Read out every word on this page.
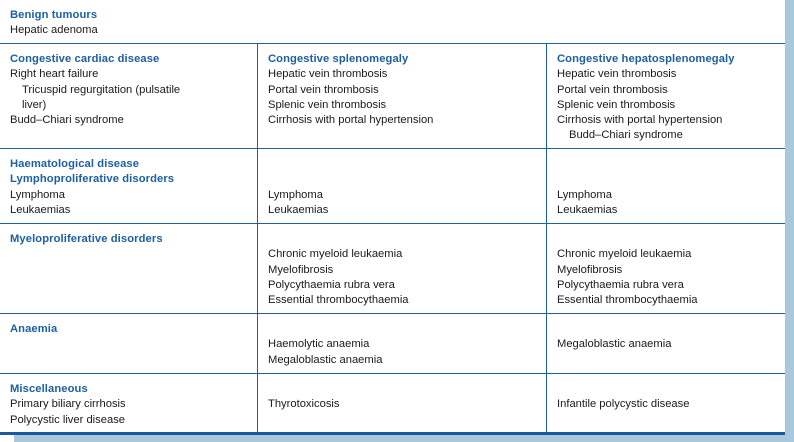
Benign tumours
Hepatic adenoma
Congestive cardiac disease
Right heart failure
Tricuspid regurgitation (pulsatile
liver)
Budd–Chiari syndrome
Congestive splenomegaly
Hepatic vein thrombosis
Portal vein thrombosis
Splenic vein thrombosis
Cirrhosis with portal hypertension
Congestive hepatosplenomegaly
Hepatic vein thrombosis
Portal vein thrombosis
Splenic vein thrombosis
Cirrhosis with portal hypertension
Budd–Chiari syndrome
Haematological disease
Lymphoproliferative disorders
Lymphoma
Leukaemias
Lymphoma
Leukaemias
Lymphoma
Leukaemias
Myeloproliferative disorders
Chronic myeloid leukaemia
Myelofibrosis
Polycythaemia rubra vera
Essential thrombocythaemia
Chronic myeloid leukaemia
Myelofibrosis
Polycythaemia rubra vera
Essential thrombocythaemia
Anaemia
Haemolytic anaemia
Megaloblastic anaemia
Megaloblastic anaemia
Miscellaneous
Primary biliary cirrhosis
Polycystic liver disease
Thyrotoxicosis	Infantile polycystic disease
